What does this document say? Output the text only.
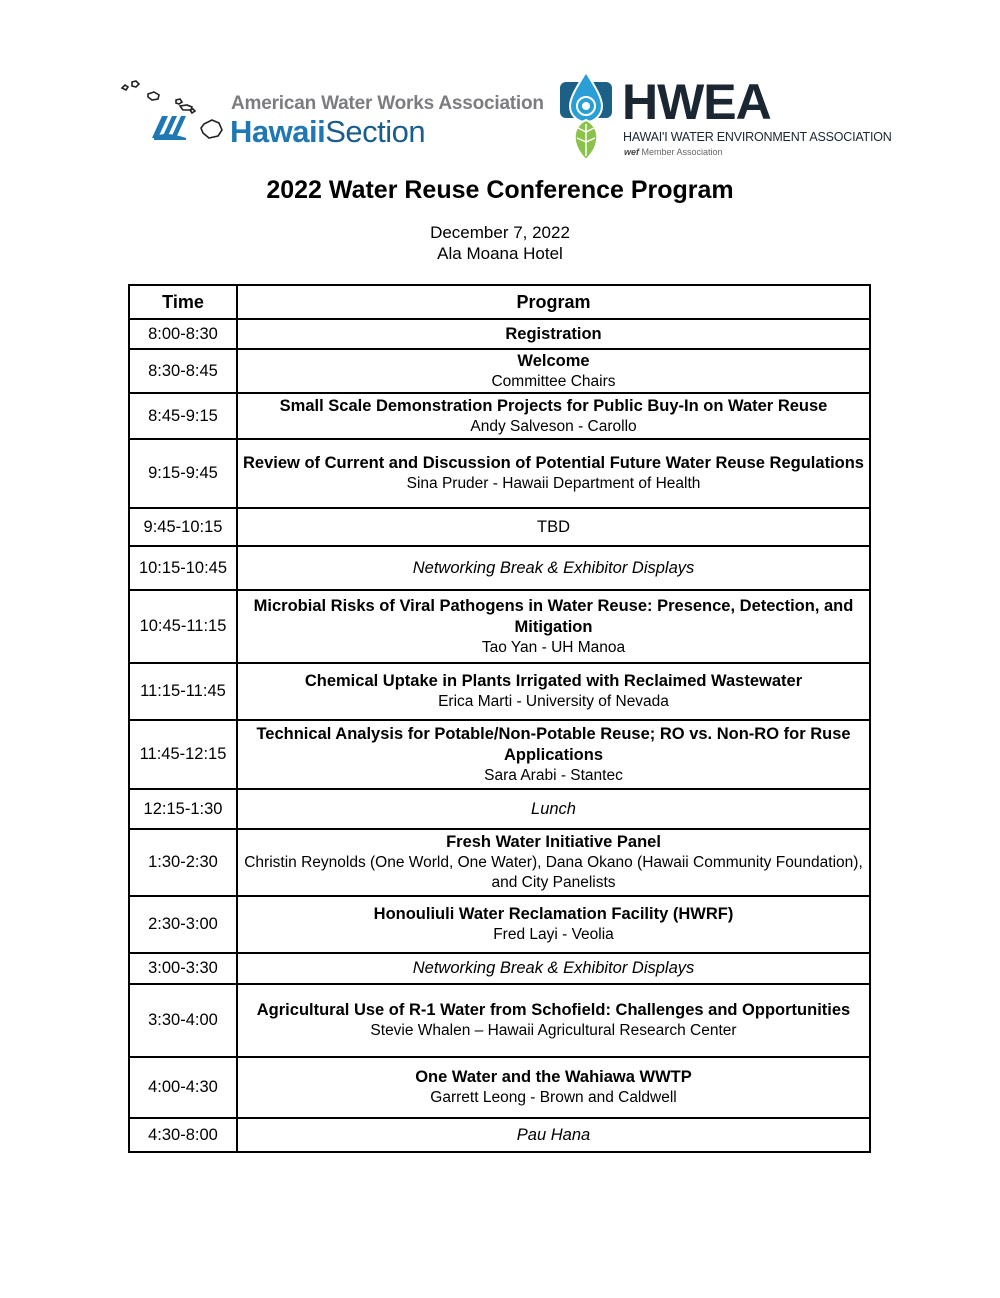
American Water Works Association
HawaiiSection
HWEA
HAWAI'I WATER ENVIRONMENT ASSOCIATION
wef Member Association
2022 Water Reuse Conference Program
December 7, 2022
Ala Moana Hotel
Time	Program
8:00-8:30	Registration

8:30-8:45	Welcome
Committee Chairs

8:45-9:15	Small Scale Demonstration Projects for Public Buy-In on Water Reuse
Andy Salveson - Carollo

9:15-9:45	Review of Current and Discussion of Potential Future Water Reuse Regulations
Sina Pruder - Hawaii Department of Health

9:45-10:15	TBD

10:15-10:45	Networking Break & Exhibitor Displays

10:45-11:15	Microbial Risks of Viral Pathogens in Water Reuse: Presence, Detection, and Mitigation
Tao Yan - UH Manoa

11:15-11:45	Chemical Uptake in Plants Irrigated with Reclaimed Wastewater
Erica Marti - University of Nevada

11:45-12:15	Technical Analysis for Potable/Non-Potable Reuse; RO vs. Non-RO for Ruse Applications
Sara Arabi - Stantec

12:15-1:30	Lunch

1:30-2:30	Fresh Water Initiative Panel
Christin Reynolds (One World, One Water), Dana Okano (Hawaii Community Foundation), and City Panelists

2:30-3:00	Honouliuli Water Reclamation Facility (HWRF)
Fred Layi - Veolia

3:00-3:30	Networking Break & Exhibitor Displays

3:30-4:00	Agricultural Use of R-1 Water from Schofield: Challenges and Opportunities
Stevie Whalen – Hawaii Agricultural Research Center

4:00-4:30	One Water and the Wahiawa WWTP
Garrett Leong - Brown and Caldwell

4:30-8:00	Pau Hana
